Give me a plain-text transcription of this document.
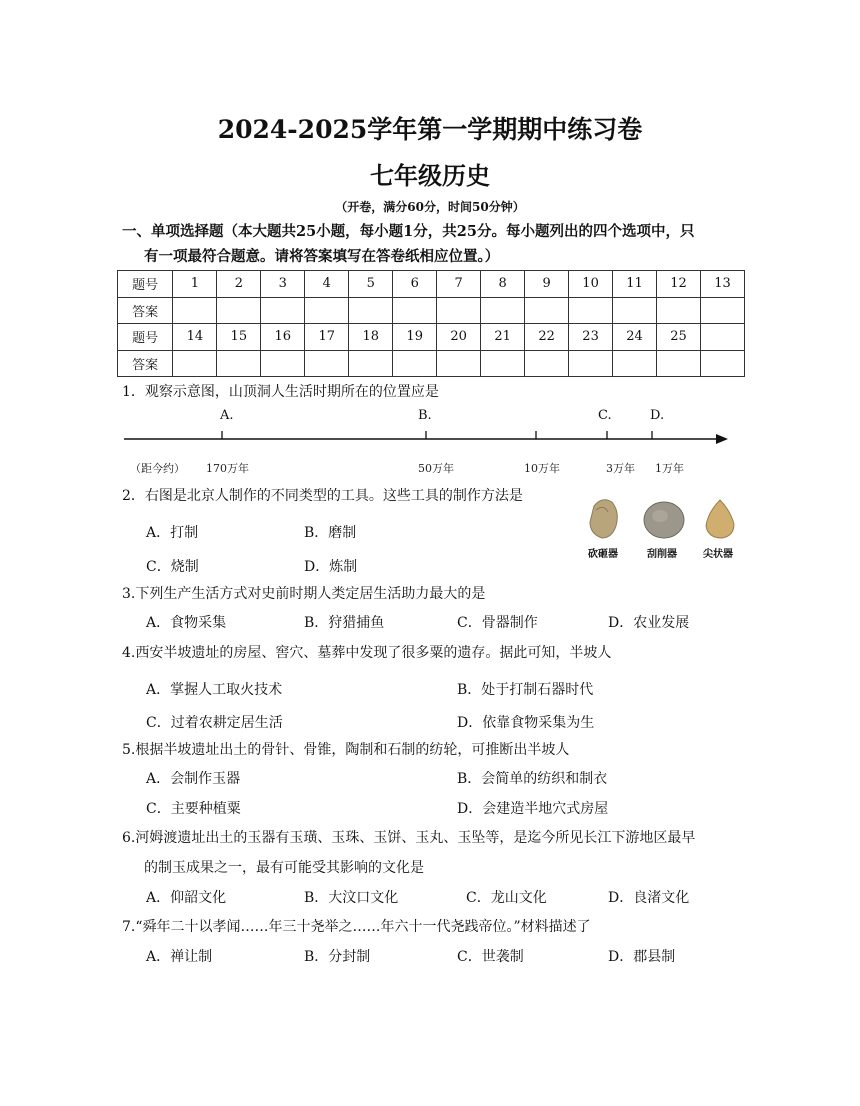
2024-2025学年第一学期期中练习卷
七年级历史
（开卷，满分60分，时间50分钟）
一、单项选择题（本大题共25小题，每小题1分，共25分。每小题列出的四个选项中，只
有一项最符合题意。请将答案填写在答卷纸相应位置。）
题号	1	2	3	4	5	6	7	8	9	10	11	12	13
答案													
题号	14	15	16	17	18	19	20	21	22	23	24	25	
答案													
1．观察示意图，山顶洞人生活时期所在的位置应是
A.	B.	C.	D.
（距今约） 170万年	50万年	10万年	3万年 1万年
2．右图是北京人制作的不同类型的工具。这些工具的制作方法是
A．打制	B．磨制
C．烧制	D．炼制
砍砸器	刮削器	尖状器
3.下列生产生活方式对史前时期人类定居生活助力最大的是
A．食物采集	B．狩猎捕鱼	C．骨器制作	D．农业发展
4.西安半坡遗址的房屋、窖穴、墓葬中发现了很多粟的遗存。据此可知，半坡人
A．掌握人工取火技术	B．处于打制石器时代
C．过着农耕定居生活	D．依靠食物采集为生
5.根据半坡遗址出土的骨针、骨锥，陶制和石制的纺轮，可推断出半坡人
A．会制作玉器	B．会简单的纺织和制衣
C．主要种植粟	D．会建造半地穴式房屋
6.河姆渡遗址出土的玉器有玉璜、玉珠、玉饼、玉丸、玉坠等，是迄今所见长江下游地区最早
的制玉成果之一，最有可能受其影响的文化是
A．仰韶文化	B．大汶口文化	C．龙山文化	D．良渚文化
7.“舜年二十以孝闻……年三十尧举之……年六十一代尧践帝位。”材料描述了
A．禅让制	B．分封制	C．世袭制	D．郡县制
